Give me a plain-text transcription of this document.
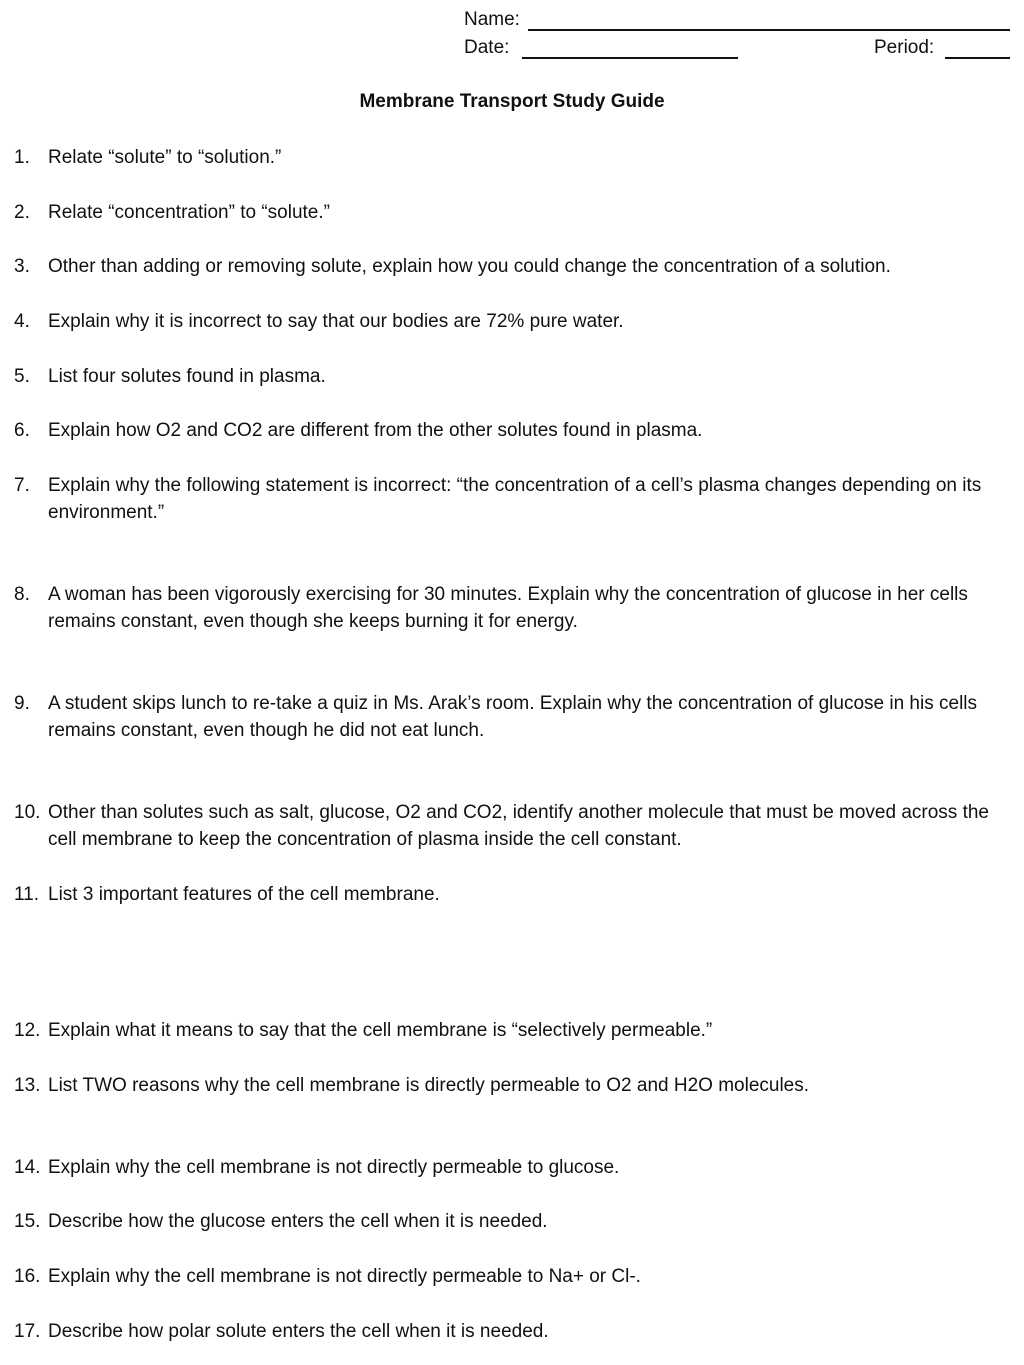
Name:
Date:	Period:
Membrane Transport Study Guide
1. Relate “solute” to “solution.”
2. Relate “concentration” to “solute.”
3. Other than adding or removing solute, explain how you could change the concentration of a solution.
4. Explain why it is incorrect to say that our bodies are 72% pure water.
5. List four solutes found in plasma.
6. Explain how O2 and CO2 are different from the other solutes found in plasma.
7. Explain why the following statement is incorrect: “the concentration of a cell’s plasma changes depending on its environment.”
8. A woman has been vigorously exercising for 30 minutes. Explain why the concentration of glucose in her cells remains constant, even though she keeps burning it for energy.
9. A student skips lunch to re-take a quiz in Ms. Arak’s room. Explain why the concentration of glucose in his cells remains constant, even though he did not eat lunch.
10. Other than solutes such as salt, glucose, O2 and CO2, identify another molecule that must be moved across the cell membrane to keep the concentration of plasma inside the cell constant.
11. List 3 important features of the cell membrane.
12. Explain what it means to say that the cell membrane is “selectively permeable.”
13. List TWO reasons why the cell membrane is directly permeable to O2 and H2O molecules.
14. Explain why the cell membrane is not directly permeable to glucose.
15. Describe how the glucose enters the cell when it is needed.
16. Explain why the cell membrane is not directly permeable to Na+ or Cl-.
17. Describe how polar solute enters the cell when it is needed.
